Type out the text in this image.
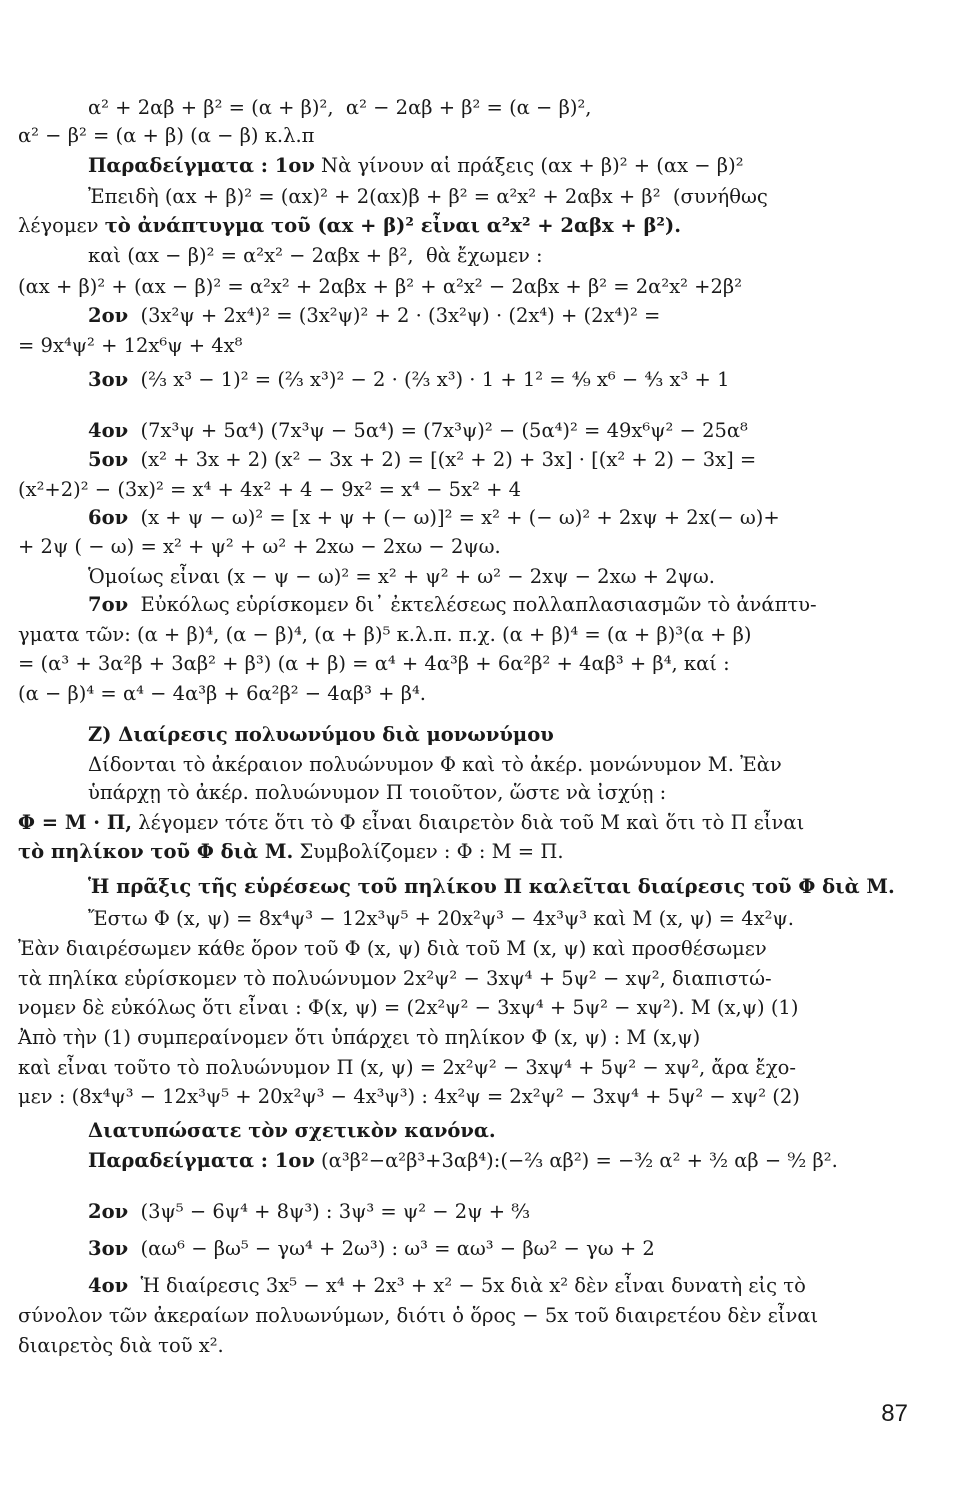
α² + 2αβ + β² = (α + β)²,  α² − 2αβ + β² = (α − β)²,
α² − β² = (α + β) (α − β) κ.λ.π
Παραδείγματα : 1ον Νὰ γίνουν αἱ πράξεις (αx + β)² + (αx − β)²
Ἐπειδὴ (αx + β)² = (αx)² + 2(αx)β + β² = α²x² + 2αβx + β²  (συνήθως
λέγομεν τὸ ἀνάπτυγμα τοῦ (αx + β)² εἶναι α²x² + 2αβx + β²).
καὶ (αx − β)² = α²x² − 2αβx + β²,  θὰ ἔχωμεν :
(αx + β)² + (αx − β)² = α²x² + 2αβx + β² + α²x² − 2αβx + β² = 2α²x² +2β²
2ον  (3x²ψ + 2x⁴)² = (3x²ψ)² + 2 · (3x²ψ) · (2x⁴) + (2x⁴)² =
= 9x⁴ψ² + 12x⁶ψ + 4x⁸
3ον  (²⁄₃ x³ − 1)² = (²⁄₃ x³)² − 2 · (²⁄₃ x³) · 1 + 1² = ⁴⁄₉ x⁶ − ⁴⁄₃ x³ + 1
4ον  (7x³ψ + 5α⁴) (7x³ψ − 5α⁴) = (7x³ψ)² − (5α⁴)² = 49x⁶ψ² − 25α⁸
5ον  (x² + 3x + 2) (x² − 3x + 2) = [(x² + 2) + 3x] · [(x² + 2) − 3x] =
(x²+2)² − (3x)² = x⁴ + 4x² + 4 − 9x² = x⁴ − 5x² + 4
6ον  (x + ψ − ω)² = [x + ψ + (− ω)]² = x² + (− ω)² + 2xψ + 2x(− ω)+
+ 2ψ ( − ω) = x² + ψ² + ω² + 2xω − 2xω − 2ψω.
Ὁμοίως εἶναι (x − ψ − ω)² = x² + ψ² + ω² − 2xψ − 2xω + 2ψω.
7ον  Εὐκόλως εὑρίσκομεν δι᾽ ἐκτελέσεως πολλαπλασιασμῶν τὸ ἀνάπτυ-
γματα τῶν: (α + β)⁴, (α − β)⁴, (α + β)⁵ κ.λ.π. π.χ. (α + β)⁴ = (α + β)³(α + β)
= (α³ + 3α²β + 3αβ² + β³) (α + β) = α⁴ + 4α³β + 6α²β² + 4αβ³ + β⁴, καί :
(α − β)⁴ = α⁴ − 4α³β + 6α²β² − 4αβ³ + β⁴.
Ζ) Διαίρεσις πολυωνύμου διὰ μονωνύμου
Δίδονται τὸ ἀκέραιον πολυώνυμον Φ καὶ τὸ ἀκέρ. μονώνυμον Μ. Ἐὰν
ὑπάρχῃ τὸ ἀκέρ. πολυώνυμον Π τοιοῦτον, ὥστε νὰ ἰσχύῃ :
Φ = Μ · Π, λέγομεν τότε ὅτι τὸ Φ εἶναι διαιρετὸν διὰ τοῦ Μ καὶ ὅτι τὸ Π εἶναι
τὸ πηλίκον τοῦ Φ διὰ Μ. Συμβολίζομεν : Φ : Μ = Π.
Ἡ πρᾶξις τῆς εὑρέσεως τοῦ πηλίκου Π καλεῖται διαίρεσις τοῦ Φ διὰ Μ.
Ἔστω Φ (x, ψ) = 8x⁴ψ³ − 12x³ψ⁵ + 20x²ψ³ − 4x³ψ³ καὶ Μ (x, ψ) = 4x²ψ.
Ἐὰν διαιρέσωμεν κάθε ὅρον τοῦ Φ (x, ψ) διὰ τοῦ Μ (x, ψ) καὶ προσθέσωμεν
τὰ πηλίκα εὑρίσκομεν τὸ πολυώνυμον 2x²ψ² − 3xψ⁴ + 5ψ² − xψ², διαπιστώ-
νομεν δὲ εὐκόλως ὅτι εἶναι : Φ(x, ψ) = (2x²ψ² − 3xψ⁴ + 5ψ² − xψ²). Μ (x,ψ) (1)
Ἀπὸ τὴν (1) συμπεραίνομεν ὅτι ὑπάρχει τὸ πηλίκον Φ (x, ψ) : Μ (x,ψ)
καὶ εἶναι τοῦτο τὸ πολυώνυμον Π (x, ψ) = 2x²ψ² − 3xψ⁴ + 5ψ² − xψ², ἄρα ἔχο-
μεν : (8x⁴ψ³ − 12x³ψ⁵ + 20x²ψ³ − 4x³ψ³) : 4x²ψ = 2x²ψ² − 3xψ⁴ + 5ψ² − xψ² (2)
Διατυπώσατε τὸν σχετικὸν κανόνα.
Παραδείγματα : 1ον (α³β²−α²β³+3αβ⁴):(−²⁄₃ αβ²) = −³⁄₂ α² + ³⁄₂ αβ − ⁹⁄₂ β².
2ον  (3ψ⁵ − 6ψ⁴ + 8ψ³) : 3ψ³ = ψ² − 2ψ + ⁸⁄₃
3ον  (αω⁶ − βω⁵ − γω⁴ + 2ω³) : ω³ = αω³ − βω² − γω + 2
4ον  Ἡ διαίρεσις 3x⁵ − x⁴ + 2x³ + x² − 5x διὰ x² δὲν εἶναι δυνατὴ εἰς τὸ
σύνολον τῶν ἀκεραίων πολυωνύμων, διότι ὁ ὅρος − 5x τοῦ διαιρετέου δὲν εἶναι
διαιρετὸς διὰ τοῦ x².
87
